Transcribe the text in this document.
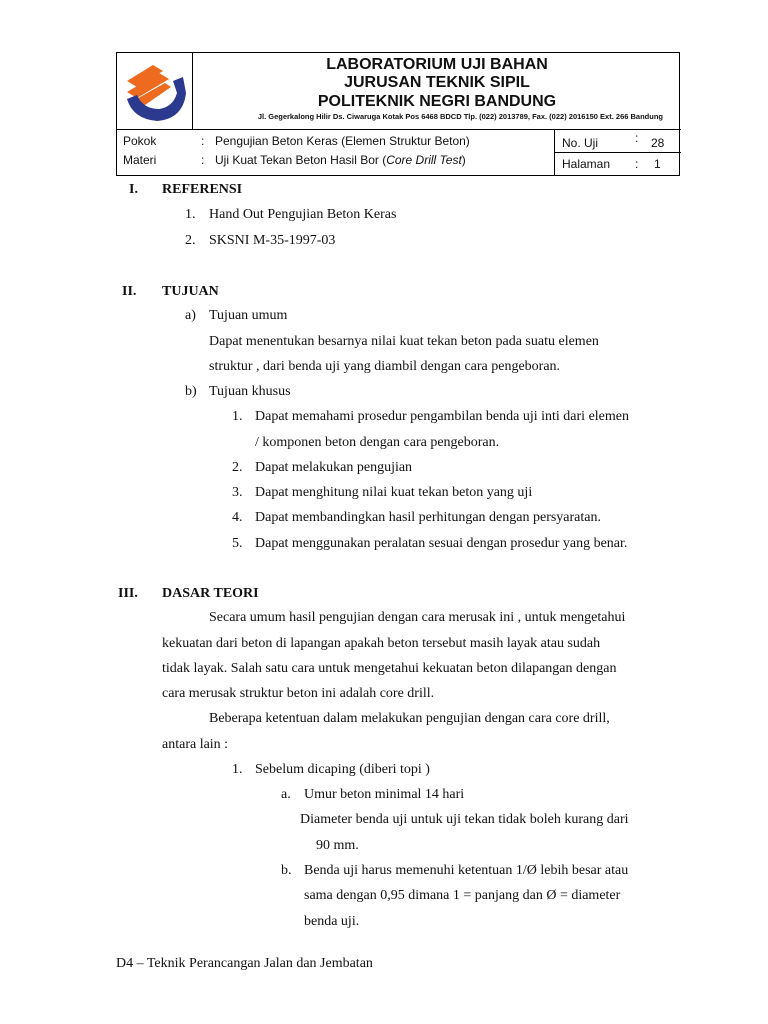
LABORATORIUM UJI BAHAN
JURUSAN TEKNIK SIPIL
POLITEKNIK NEGRI BANDUNG
Jl. Gegerkalong Hilir Ds. Ciwaruga Kotak Pos 6468 BDCD Tlp. (022) 2013789, Fax. (022) 2016150 Ext. 266 Bandung
Pokok	: Pengujian Beton Keras (Elemen Struktur Beton)
Materi	: Uji Kuat Tekan Beton Hasil Bor (Core Drill Test)
No. Uji	: 28
Halaman : 1
I. REFERENSI
1. Hand Out Pengujian Beton Keras
2. SKSNI M-35-1997-03
II. TUJUAN
a) Tujuan umum
Dapat menentukan besarnya nilai kuat tekan beton pada suatu elemen
struktur , dari benda uji yang diambil dengan cara pengeboran.
b) Tujuan khusus
1. Dapat memahami prosedur pengambilan benda uji inti dari elemen
/ komponen beton dengan cara pengeboran.
2. Dapat melakukan pengujian
3. Dapat menghitung nilai kuat tekan beton yang uji
4. Dapat membandingkan hasil perhitungan dengan persyaratan.
5. Dapat menggunakan peralatan sesuai dengan prosedur yang benar.
III. DASAR TEORI
Secara umum hasil pengujian dengan cara merusak ini , untuk mengetahui
kekuatan dari beton di lapangan apakah beton tersebut masih layak atau sudah
tidak layak. Salah satu cara untuk mengetahui kekuatan beton dilapangan dengan
cara merusak struktur beton ini adalah core drill.
Beberapa ketentuan dalam melakukan pengujian dengan cara core drill,
antara lain :
1. Sebelum dicaping (diberi topi )
a. Umur beton minimal 14 hari
Diameter benda uji untuk uji tekan tidak boleh kurang dari
90 mm.
b. Benda uji harus memenuhi ketentuan 1/Ø lebih besar atau
sama dengan 0,95 dimana 1 = panjang dan Ø = diameter
benda uji.
D4 – Teknik Perancangan Jalan dan Jembatan
